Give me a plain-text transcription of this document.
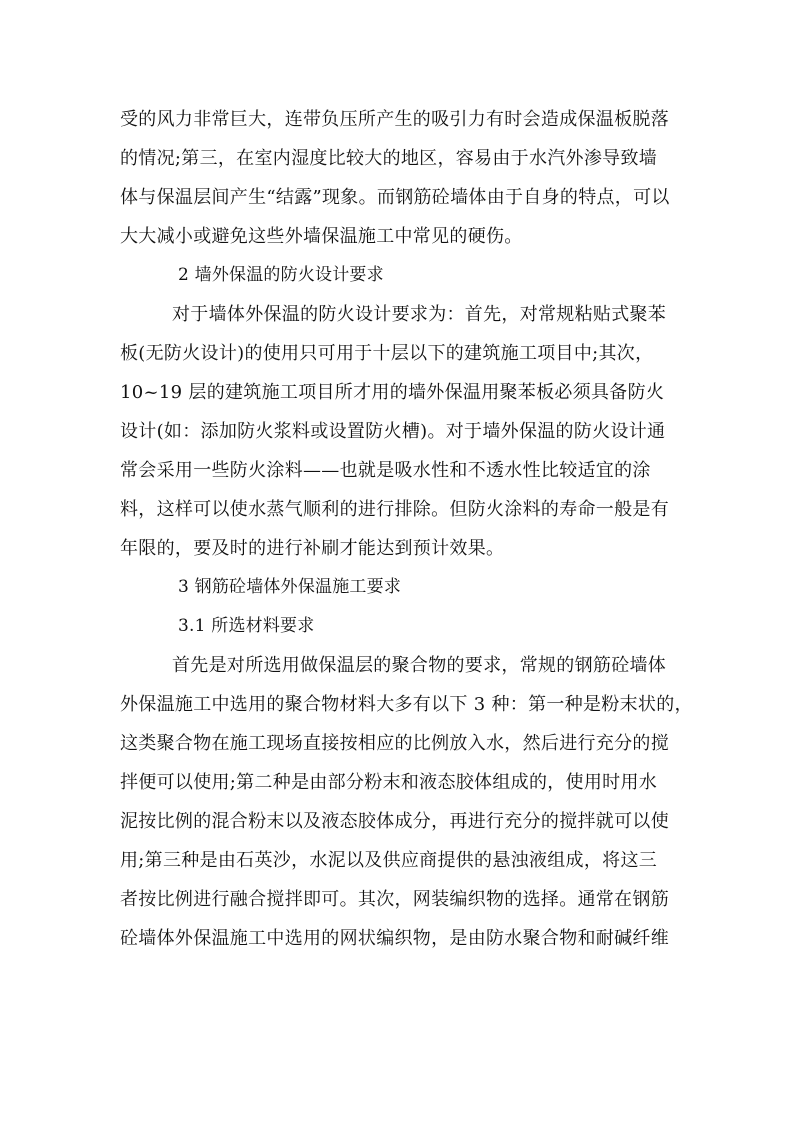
受的风力非常巨大，连带负压所产生的吸引力有时会造成保温板脱落
的情况;第三，在室内湿度比较大的地区，容易由于水汽外渗导致墙
体与保温层间产生“结露”现象。而钢筋砼墙体由于自身的特点，可以
大大减小或避免这些外墙保温施工中常见的硬伤。
2 墙外保温的防火设计要求
对于墙体外保温的防火设计要求为：首先，对常规粘贴式聚苯
板(无防火设计)的使用只可用于十层以下的建筑施工项目中;其次，
10~19 层的建筑施工项目所才用的墙外保温用聚苯板必须具备防火
设计(如：添加防火浆料或设置防火槽)。对于墙外保温的防火设计通
常会采用一些防火涂料——也就是吸水性和不透水性比较适宜的涂
料，这样可以使水蒸气顺利的进行排除。但防火涂料的寿命一般是有
年限的，要及时的进行补刷才能达到预计效果。
3 钢筋砼墙体外保温施工要求
3.1 所选材料要求
首先是对所选用做保温层的聚合物的要求，常规的钢筋砼墙体
外保温施工中选用的聚合物材料大多有以下 3 种：第一种是粉末状的，
这类聚合物在施工现场直接按相应的比例放入水，然后进行充分的搅
拌便可以使用;第二种是由部分粉末和液态胶体组成的，使用时用水
泥按比例的混合粉末以及液态胶体成分，再进行充分的搅拌就可以使
用;第三种是由石英沙，水泥以及供应商提供的悬浊液组成，将这三
者按比例进行融合搅拌即可。其次，网装编织物的选择。通常在钢筋
砼墙体外保温施工中选用的网状编织物，是由防水聚合物和耐碱纤维
